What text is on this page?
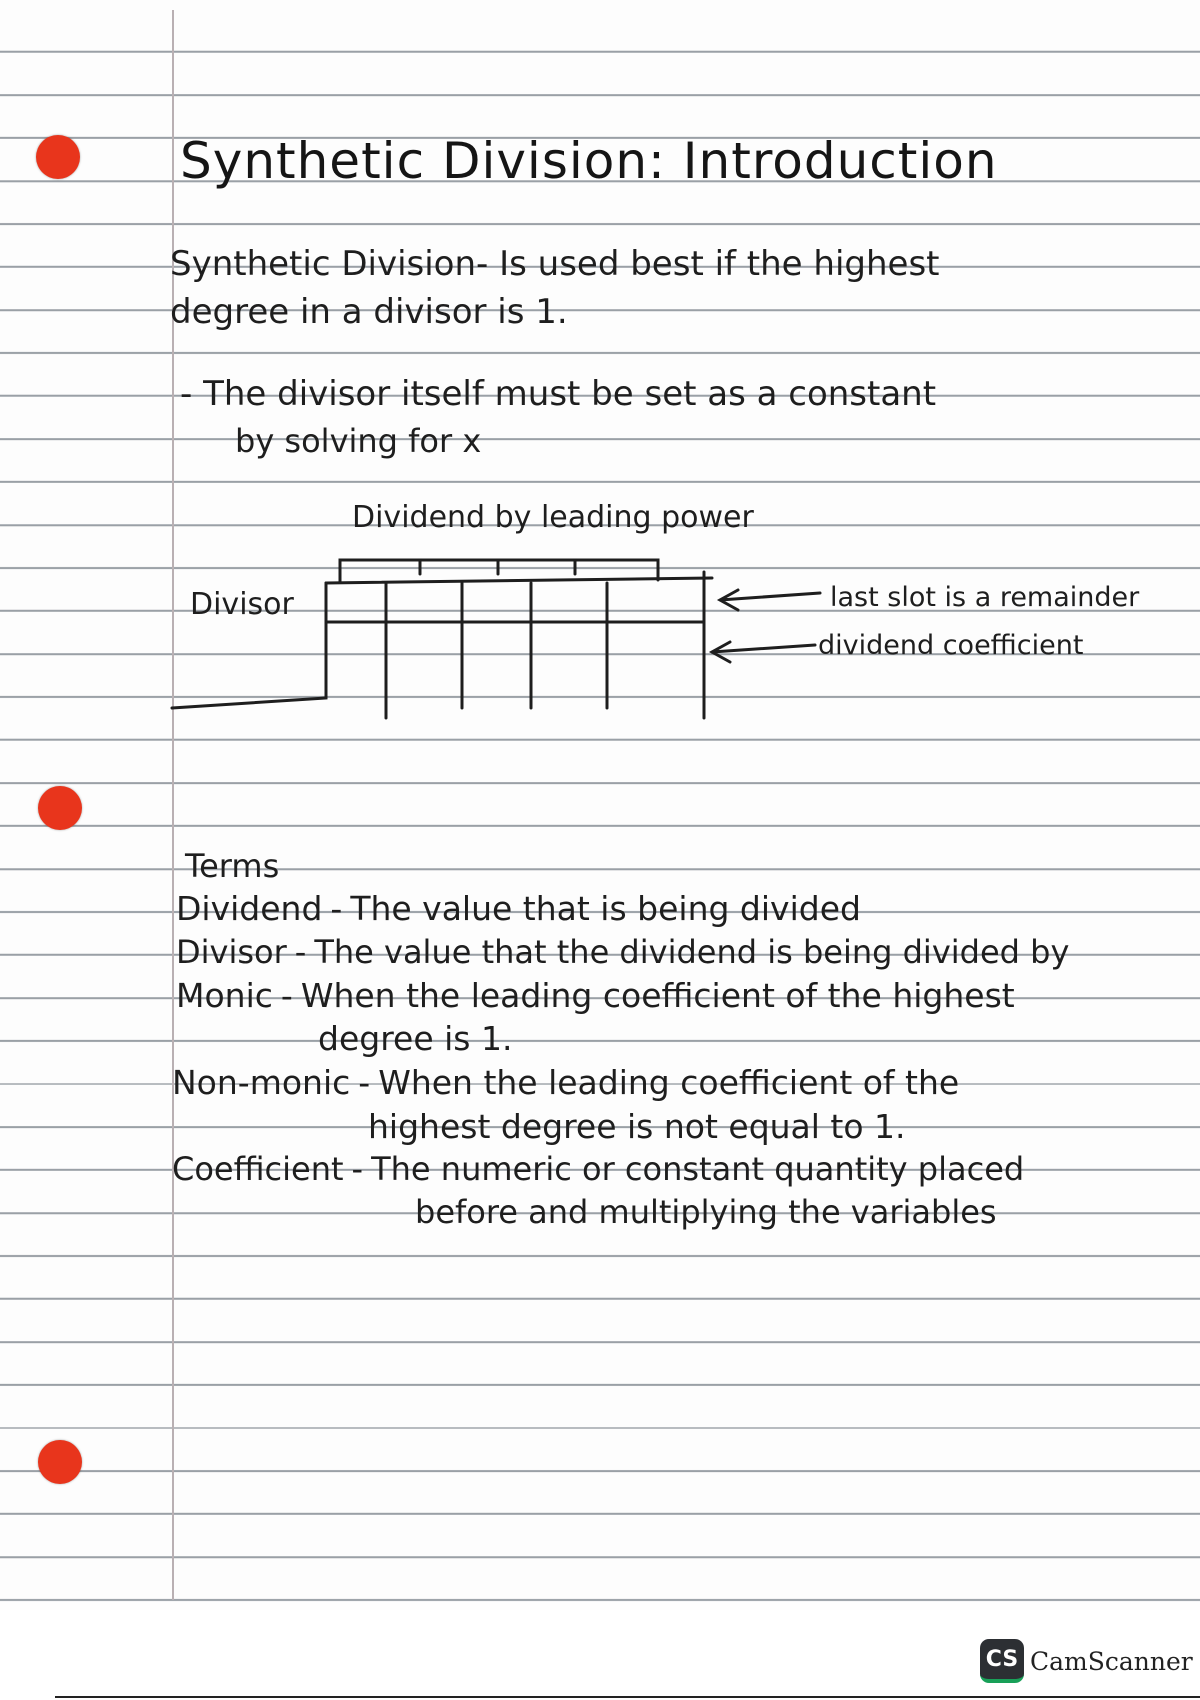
Synthetic Division: Introduction
Synthetic Division- Is used best if the highest
degree in a divisor is 1.
- The divisor itself must be set as a constant
by solving for x
Dividend by leading power
Divisor	last slot is a remainder
dividend coefficient
Terms
Dividend - The value that is being divided
Divisor - The value that the dividend is being divided by
Monic - When the leading coefficient of the highest
degree is 1.
Non-monic - When the leading coefficient of the
highest degree is not equal to 1.
Coefficient - The numeric or constant quantity placed
before and multiplying the variables
CS CamScanner
